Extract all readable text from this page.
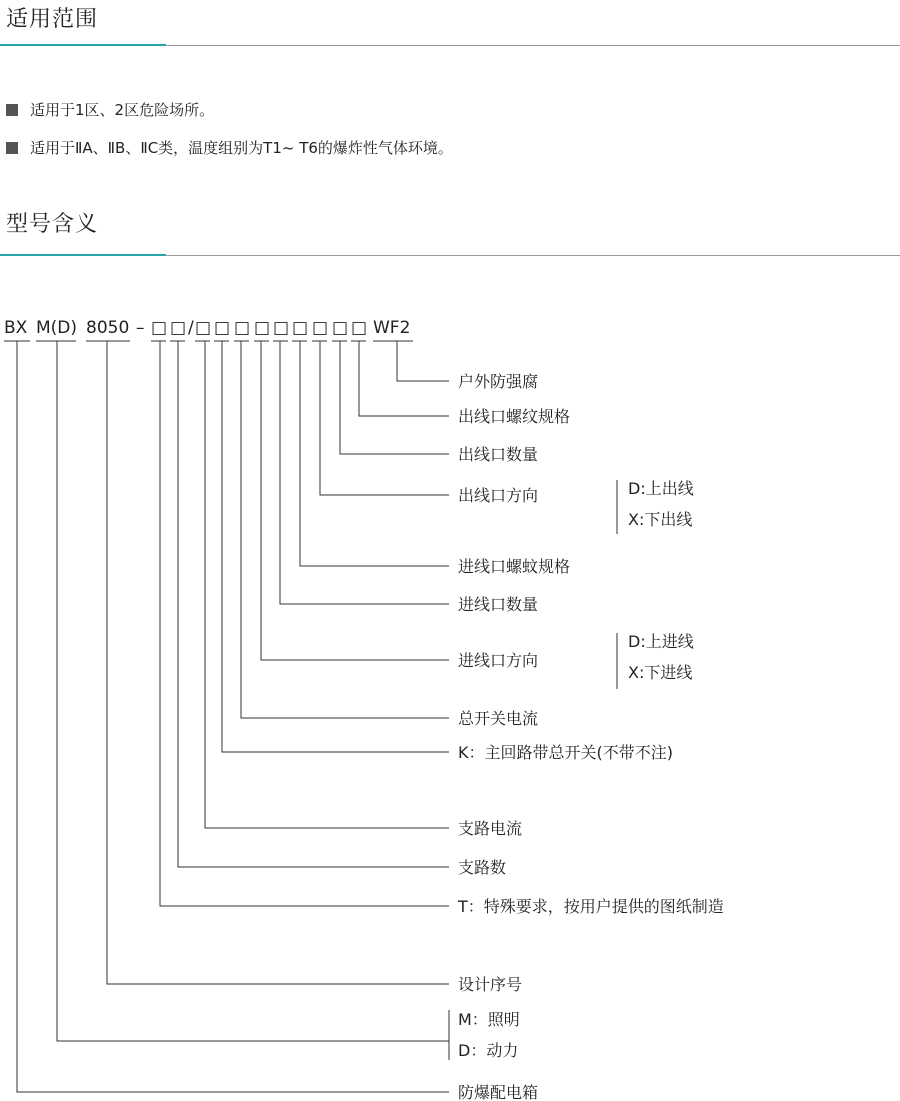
适用范围
适用于1区、2区危险场所。
适用于ⅡA、ⅡB、ⅡC类，温度组别为T1~ T6的爆炸性气体环境。
型号含义
BX M(D) 8050 – □ □ / □ □ □ □ □ □ □ □ □ WF2
户外防强腐
出线口螺纹规格
出线口数量
出线口方向	D:上出线
X:下出线
进线口螺蚊规格
进线口数量
进线口方向
D:上进线
X:下进线
总开关电流
K：主回路带总开关(不带不注)
支路电流
支路数
T：特殊要求，按用户提供的图纸制造
设计序号
M：照明
D：动力
防爆配电箱
